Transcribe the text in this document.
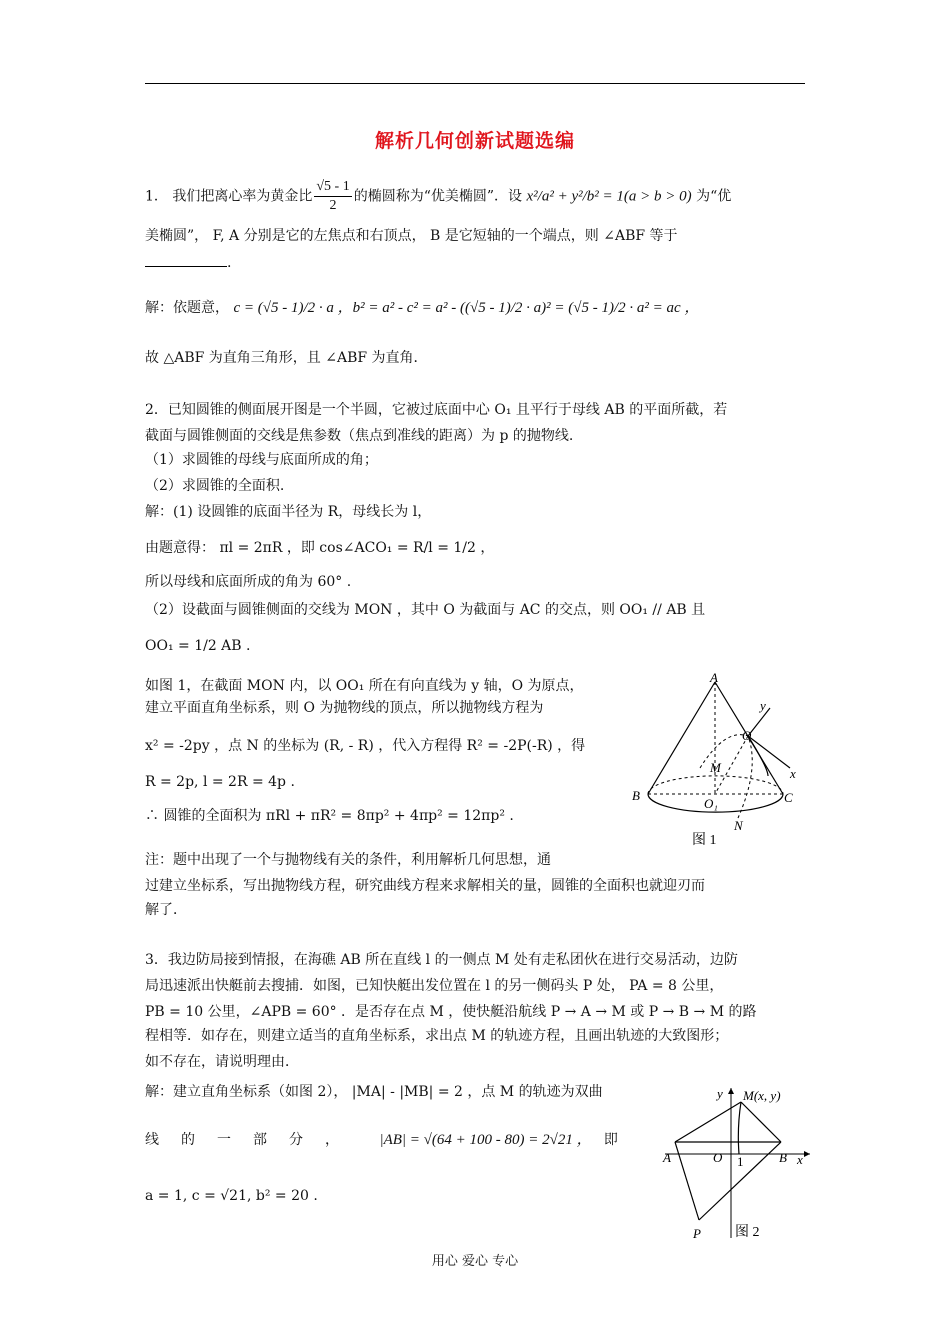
解析几何创新试题选编
1． 我们把离心率为黄金比 $\frac{√5 - 1}{2}$ 的椭圆称为“优美椭圆”．设 x²/a² + y²/b² = 1(a > b > 0) 为“优
美椭圆”， F, A 分别是它的左焦点和右顶点， B 是它短轴的一个端点，则 ∠ABF 等于
.
解：依题意， c = (√5 - 1)/2 · a ，b² = a² - c² = a² - ((√5 - 1)/2 · a)² = (√5 - 1)/2 · a² = ac ，
故 △ABF 为直角三角形，且 ∠ABF 为直角．
2．已知圆锥的侧面展开图是一个半圆，它被过底面中心 O₁ 且平行于母线 AB 的平面所截，若
截面与圆锥侧面的交线是焦参数（焦点到准线的距离）为 p 的抛物线.
（1）求圆锥的母线与底面所成的角；
（2）求圆锥的全面积.
解：(1) 设圆锥的底面半径为 R，母线长为 l，
由题意得： πl = 2πR ，即 cos∠ACO₁ = R/l = 1/2 ，
所以母线和底面所成的角为 60° .
（2）设截面与圆锥侧面的交线为 MON ，其中 O 为截面与 AC 的交点，则 OO₁ // AB 且
OO₁ = 1/2 AB .
如图 1，在截面 MON 内，以 OO₁ 所在有向直线为 y 轴，O 为原点，
建立平面直角坐标系，则 O 为抛物线的顶点，所以抛物线方程为
x² = -2py ，点 N 的坐标为 (R, - R) ，代入方程得 R² = -2P(-R) ，得
R = 2p, l = 2R = 4p .
∴ 圆锥的全面积为 πRl + πR² = 8πp² + 4πp² = 12πp² .
注：题中出现了一个与抛物线有关的条件，利用解析几何思想，通
过建立坐标系，写出抛物线方程，研究曲线方程来求解相关的量，圆锥的全面积也就迎刃而
解了．
A
y
O
M	x
B	C
O₁
N
图 1
3．我边防局接到情报，在海礁 AB 所在直线 l 的一侧点 M 处有走私团伙在进行交易活动，边防
局迅速派出快艇前去搜捕．如图，已知快艇出发位置在 l 的另一侧码头 P 处， PA = 8 公里，
PB = 10 公里，∠APB = 60° ．是否存在点 M ，使快艇沿航线 P → A → M 或 P → B → M 的路
程相等．如存在，则建立适当的直角坐标系，求出点 M 的轨迹方程，且画出轨迹的大致图形；
如不存在，请说明理由．
解：建立直角坐标系（如图 2）， |MA| - |MB| = 2 ，点 M 的轨迹为双曲
线 的 一 部 分 ，	|AB| = √(64 + 100 - 80) = 2√21 ， 即
a = 1, c = √21, b² = 20 .
y M(x, y)
A	O 1	B x
P 图 2
用心 爱心 专心
